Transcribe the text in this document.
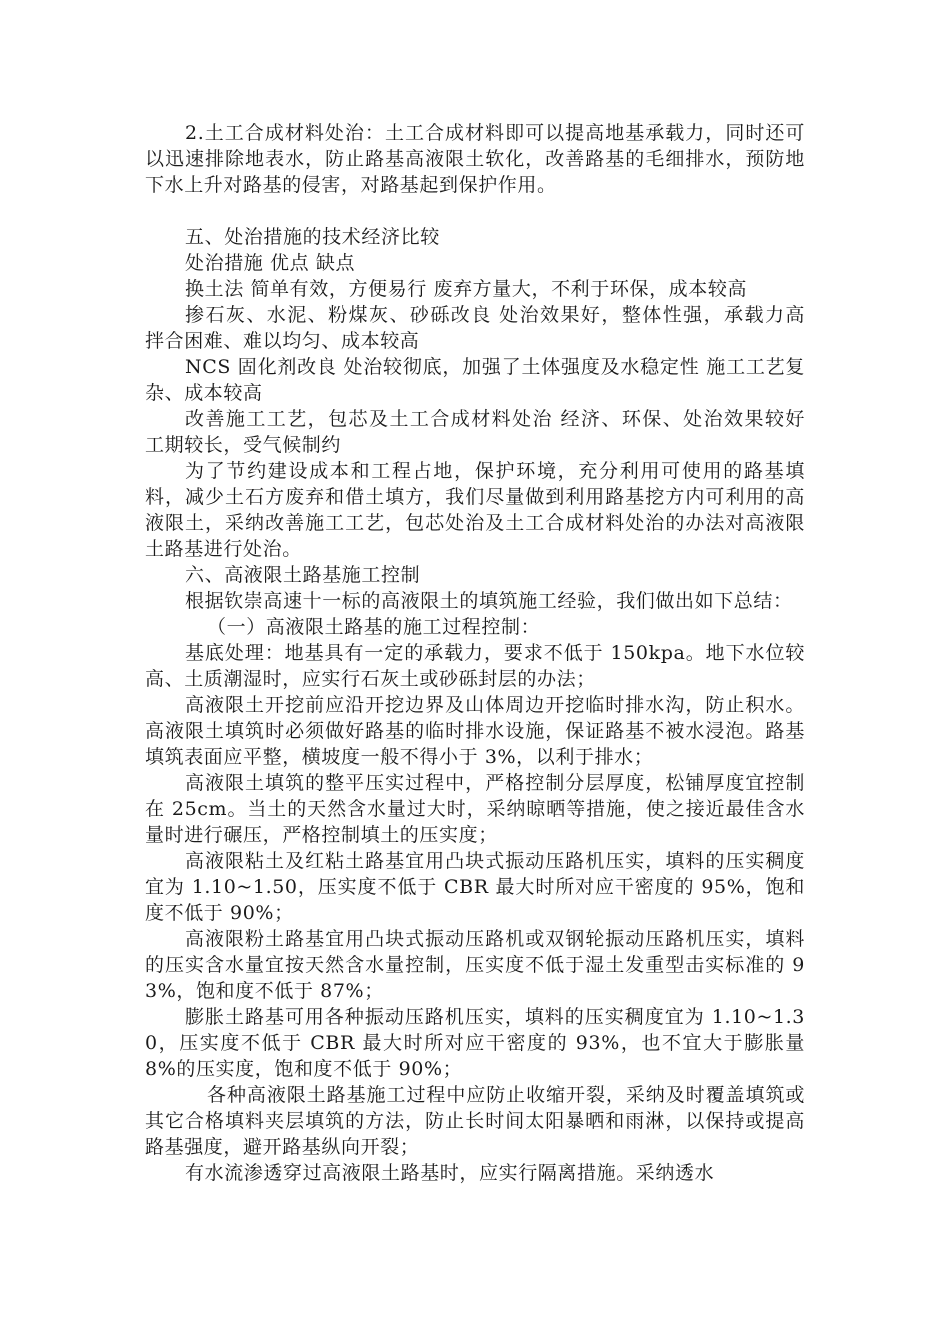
2.土工合成材料处治：土工合成材料即可以提高地基承载力，同时还可以迅速排除地表水，防止路基高液限土软化，改善路基的毛细排水，预防地下水上升对路基的侵害，对路基起到保护作用。

五、处治措施的技术经济比较

处治措施 优点 缺点

换土法 简单有效，方便易行 废弃方量大，不利于环保，成本较高

掺石灰、水泥、粉煤灰、砂砾改良 处治效果好，整体性强，承载力高 拌合困难、难以均匀、成本较高

NCS 固化剂改良 处治较彻底，加强了土体强度及水稳定性 施工工艺复杂、成本较高

改善施工工艺，包芯及土工合成材料处治 经济、环保、处治效果较好 工期较长，受气候制约

为了节约建设成本和工程占地，保护环境，充分利用可使用的路基填料，减少土石方废弃和借土填方，我们尽量做到利用路基挖方内可利用的高液限土，采纳改善施工工艺，包芯处治及土工合成材料处治的办法对高液限土路基进行处治。

六、高液限土路基施工控制

根据钦崇高速十一标的高液限土的填筑施工经验，我们做出如下总结：

（一）高液限土路基的施工过程控制：

基底处理：地基具有一定的承载力，要求不低于 150kpa。地下水位较高、土质潮湿时，应实行石灰土或砂砾封层的办法；

高液限土开挖前应沿开挖边界及山体周边开挖临时排水沟，防止积水。高液限土填筑时必须做好路基的临时排水设施，保证路基不被水浸泡。路基填筑表面应平整，横坡度一般不得小于 3%，以利于排水；

高液限土填筑的整平压实过程中，严格控制分层厚度，松铺厚度宜控制在 25cm。当土的天然含水量过大时，采纳晾晒等措施，使之接近最佳含水量时进行碾压，严格控制填土的压实度；

高液限粘土及红粘土路基宜用凸块式振动压路机压实，填料的压实稠度宜为 1.10~1.50，压实度不低于 CBR 最大时所对应干密度的 95%，饱和度不低于 90%；

高液限粉土路基宜用凸块式振动压路机或双钢轮振动压路机压实，填料的压实含水量宜按天然含水量控制，压实度不低于湿土发重型击实标准的 93%，饱和度不低于 87%；

膨胀土路基可用各种振动压路机压实，填料的压实稠度宜为 1.10~1.30，压实度不低于 CBR 最大时所对应干密度的 93%，也不宜大于膨胀量 8%的压实度，饱和度不低于 90%；

各种高液限土路基施工过程中应防止收缩开裂，采纳及时覆盖填筑或其它合格填料夹层填筑的方法，防止长时间太阳暴晒和雨淋，以保持或提高路基强度，避开路基纵向开裂；

有水流渗透穿过高液限土路基时，应实行隔离措施。采纳透水
